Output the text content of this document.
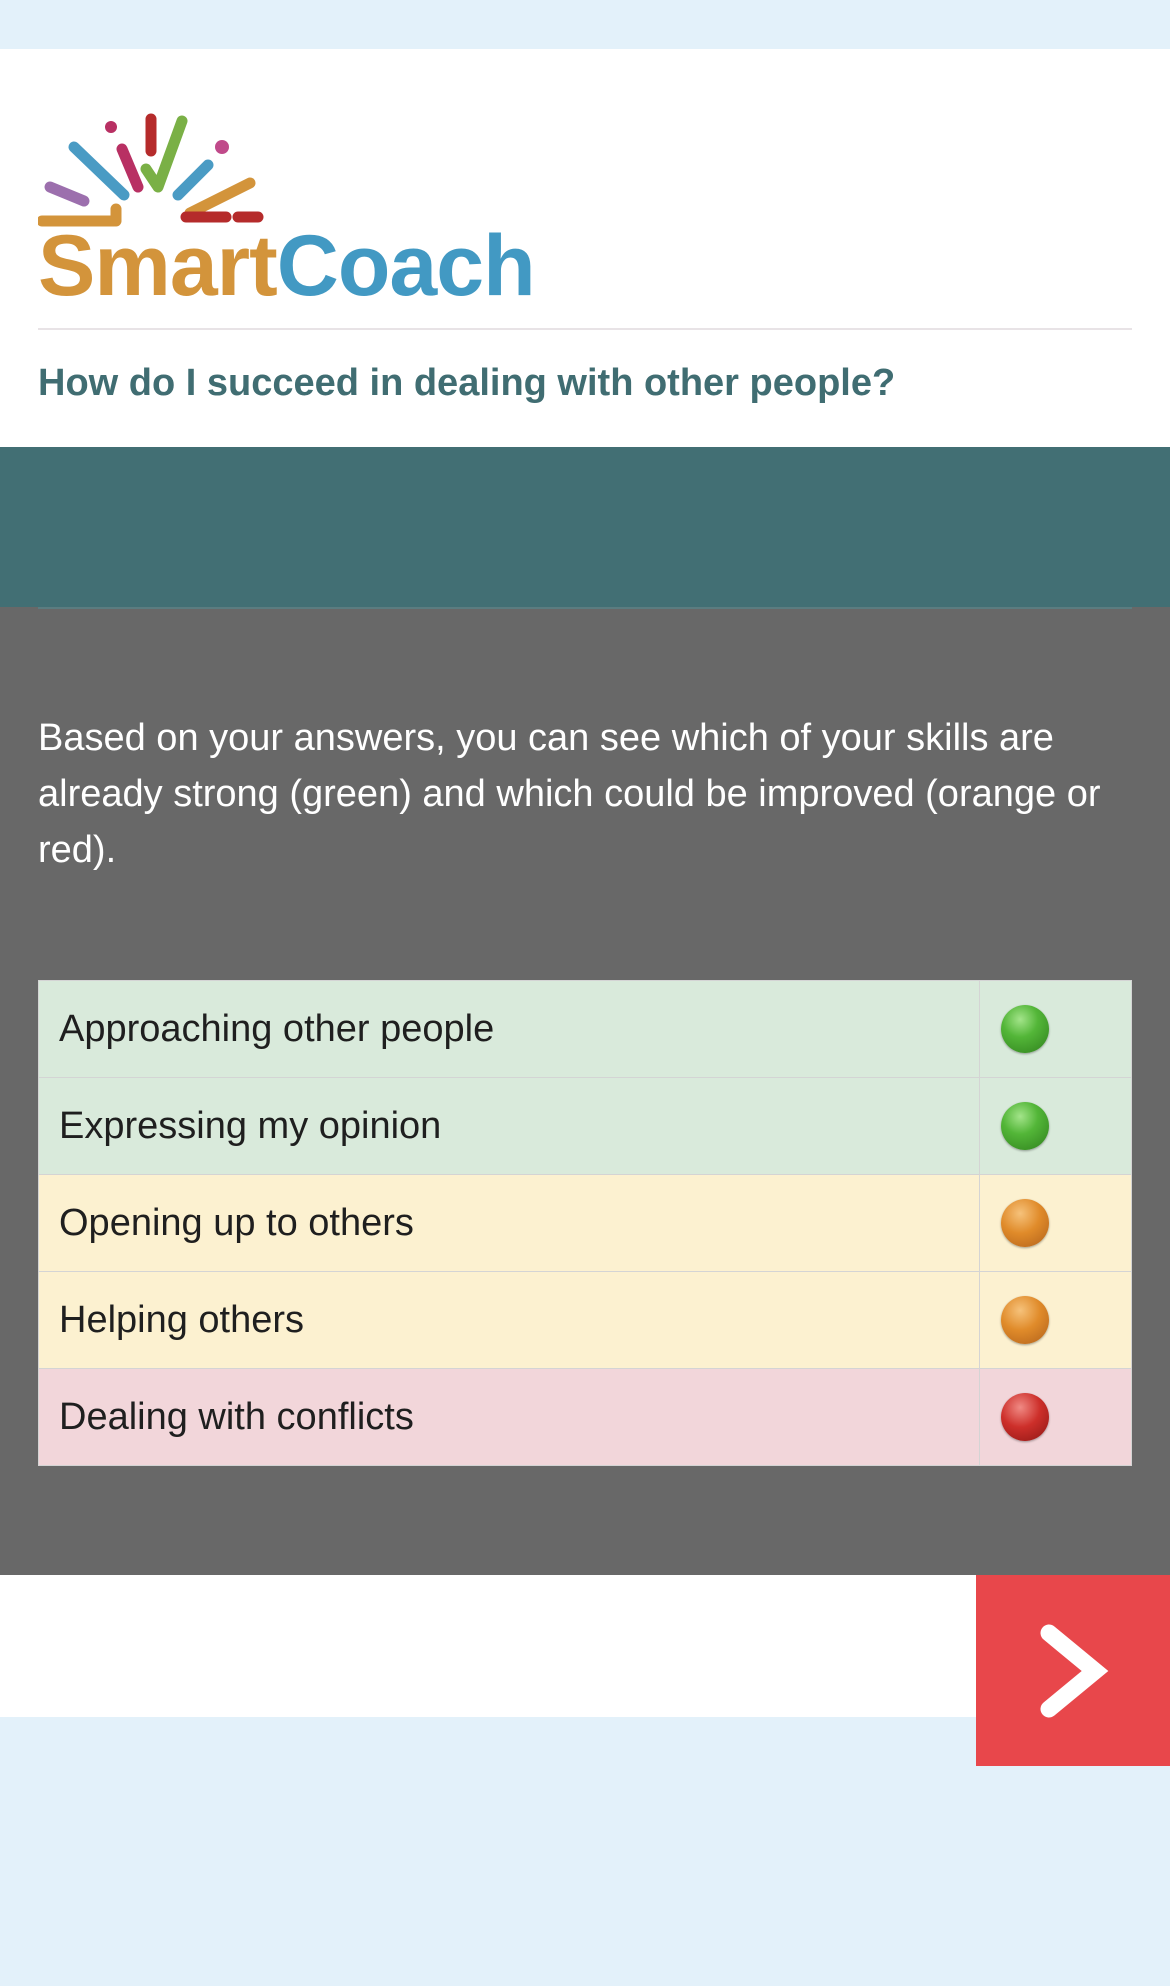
SmartCoach
How do I succeed in dealing with other people?

Based on your answers, you can see which of your skills are already strong (green) and which could be improved (orange or red).

Approaching other people	

Expressing my opinion	

Opening up to others	

Helping others	

Dealing with conflicts	
